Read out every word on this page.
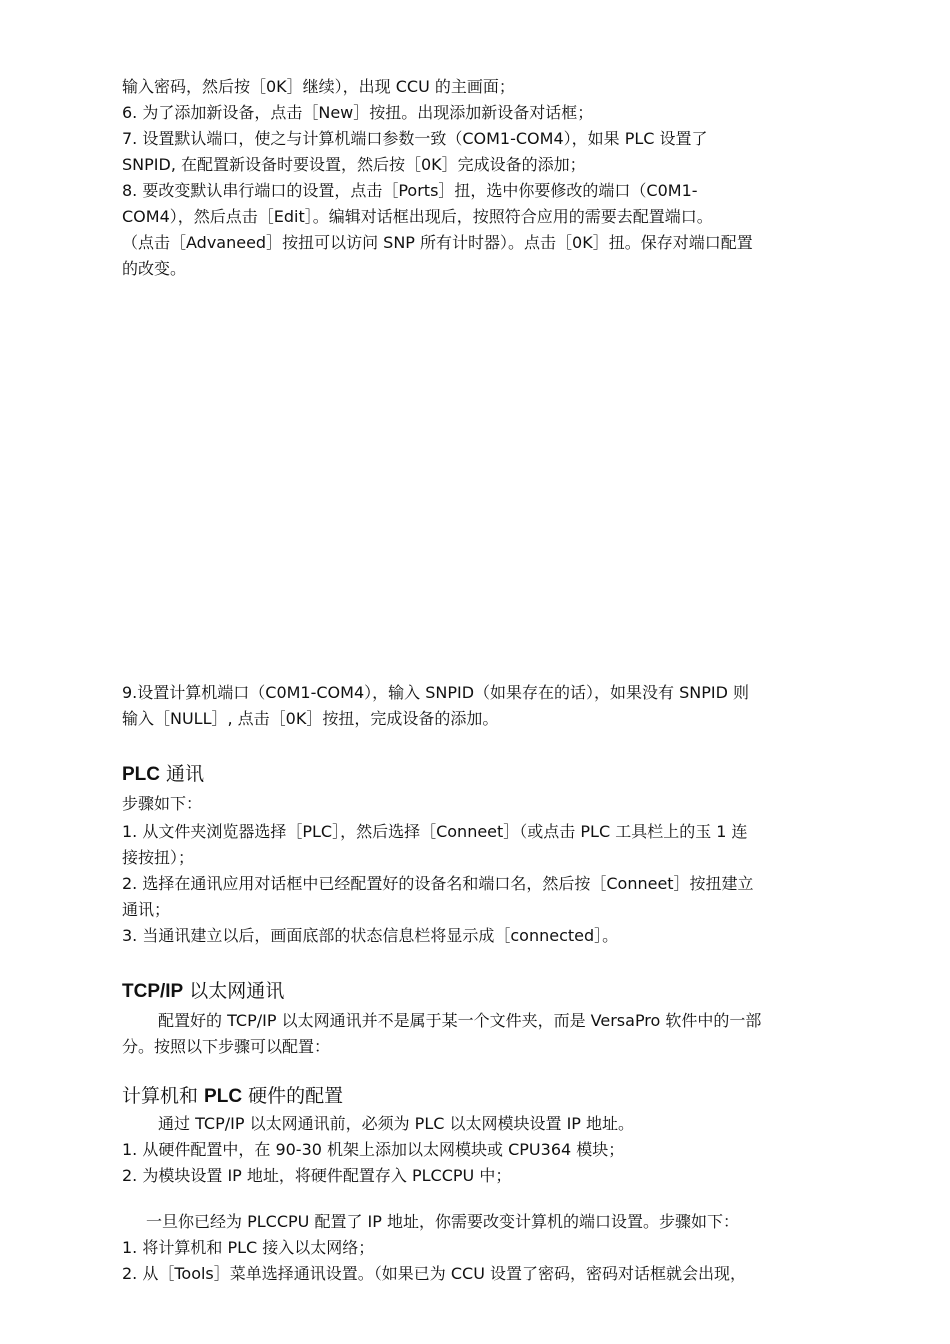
输入密码，然后按［0K］继续），出现 CCU 的主画面；
6. 为了添加新设备，点击［New］按扭。出现添加新设备对话框；
7. 设置默认端口，使之与计算机端口参数一致（COM1-COM4），如果 PLC 设置了
SNPID, 在配置新设备时要设置，然后按［0K］完成设备的添加；
8. 要改变默认串行端口的设置，点击［Ports］扭，选中你要修改的端口（C0M1-
COM4），然后点击［Edit］。编辑对话框出现后，按照符合应用的需要去配置端口。
（点击［Advaneed］按扭可以访问 SNP 所有计时器）。点击［0K］扭。保存对端口配置
的改变。
9.设置计算机端口（C0M1-COM4），输入 SNPID（如果存在的话），如果没有 SNPID 则
输入［NULL］, 点击［0K］按扭，完成设备的添加。
PLC 通讯
步骤如下：
1. 从文件夹浏览器选择［PLC］，然后选择［Conneet］（或点击 PLC 工具栏上的玉 1 连
接按扭）；
2. 选择在通讯应用对话框中已经配置好的设备名和端口名，然后按［Conneet］按扭建立
通讯；
3. 当通讯建立以后，画面底部的状态信息栏将显示成［connected］。
TCP/IP 以太网通讯
配置好的 TCP/IP 以太网通讯并不是属于某一个文件夹，而是 VersaPro 软件中的一部
分。按照以下步骤可以配置：
计算机和 PLC 硬件的配置
通过 TCP/IP 以太网通讯前，必须为 PLC 以太网模块设置 IP 地址。
1. 从硬件配置中，在 90-30 机架上添加以太网模块或 CPU364 模块；
2. 为模块设置 IP 地址，将硬件配置存入 PLCCPU 中；
一旦你已经为 PLCCPU 配置了 IP 地址，你需要改变计算机的端口设置。步骤如下：
1. 将计算机和 PLC 接入以太网络；
2. 从［Tools］菜单选择通讯设置。（如果已为 CCU 设置了密码，密码对话框就会出现，
